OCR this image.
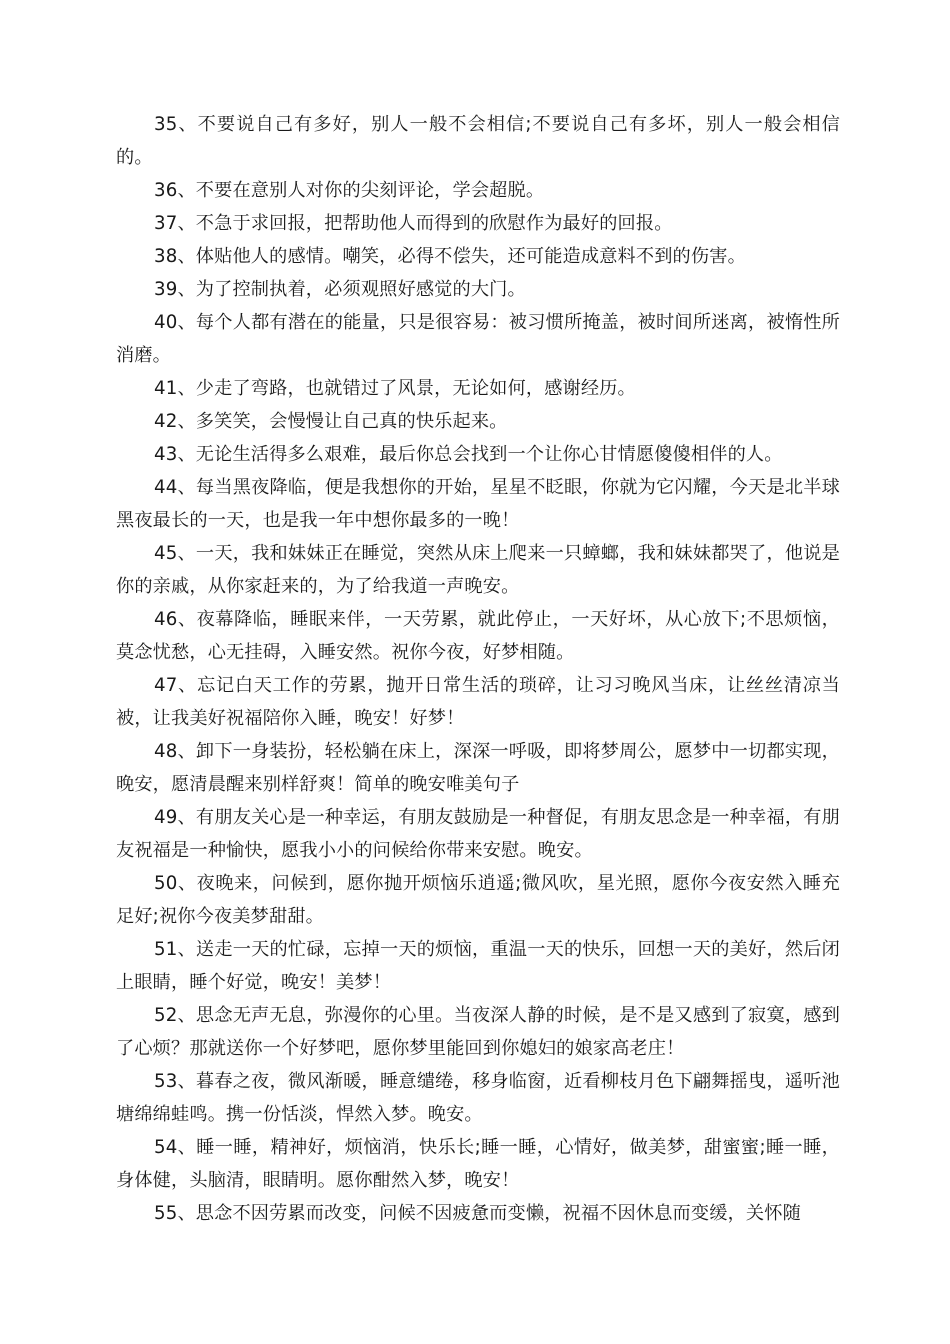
35、不要说自己有多好，别人一般不会相信;不要说自己有多坏，别人一般会相信的。

36、不要在意别人对你的尖刻评论，学会超脱。

37、不急于求回报，把帮助他人而得到的欣慰作为最好的回报。

38、体贴他人的感情。嘲笑，必得不偿失，还可能造成意料不到的伤害。

39、为了控制执着，必须观照好感觉的大门。

40、每个人都有潜在的能量，只是很容易：被习惯所掩盖，被时间所迷离，被惰性所消磨。

41、少走了弯路，也就错过了风景，无论如何，感谢经历。

42、多笑笑，会慢慢让自己真的快乐起来。

43、无论生活得多么艰难，最后你总会找到一个让你心甘情愿傻傻相伴的人。

44、每当黑夜降临，便是我想你的开始，星星不眨眼，你就为它闪耀，今天是北半球黑夜最长的一天，也是我一年中想你最多的一晚！

45、一天，我和妹妹正在睡觉，突然从床上爬来一只蟑螂，我和妹妹都哭了，他说是你的亲戚，从你家赶来的，为了给我道一声晚安。

46、夜幕降临，睡眠来伴，一天劳累，就此停止，一天好坏，从心放下;不思烦恼，莫念忧愁，心无挂碍，入睡安然。祝你今夜，好梦相随。

47、忘记白天工作的劳累，抛开日常生活的琐碎，让习习晚风当床，让丝丝清凉当被，让我美好祝福陪你入睡，晚安！好梦！

48、卸下一身装扮，轻松躺在床上，深深一呼吸，即将梦周公，愿梦中一切都实现，晚安，愿清晨醒来别样舒爽！简单的晚安唯美句子

49、有朋友关心是一种幸运，有朋友鼓励是一种督促，有朋友思念是一种幸福，有朋友祝福是一种愉快，愿我小小的问候给你带来安慰。晚安。

50、夜晚来，问候到，愿你抛开烦恼乐逍遥;微风吹，星光照，愿你今夜安然入睡充足好;祝你今夜美梦甜甜。

51、送走一天的忙碌，忘掉一天的烦恼，重温一天的快乐，回想一天的美好，然后闭上眼睛，睡个好觉，晚安！美梦！

52、思念无声无息，弥漫你的心里。当夜深人静的时候，是不是又感到了寂寞，感到了心烦？那就送你一个好梦吧，愿你梦里能回到你媳妇的娘家高老庄！

53、暮春之夜，微风渐暖，睡意缱绻，移身临窗，近看柳枝月色下翩舞摇曳，遥听池塘绵绵蛙鸣。携一份恬淡，悍然入梦。晚安。

54、睡一睡，精神好，烦恼消，快乐长;睡一睡，心情好，做美梦，甜蜜蜜;睡一睡，身体健，头脑清，眼睛明。愿你酣然入梦，晚安！

55、思念不因劳累而改变，问候不因疲惫而变懒，祝福不因休息而变缓，关怀随
